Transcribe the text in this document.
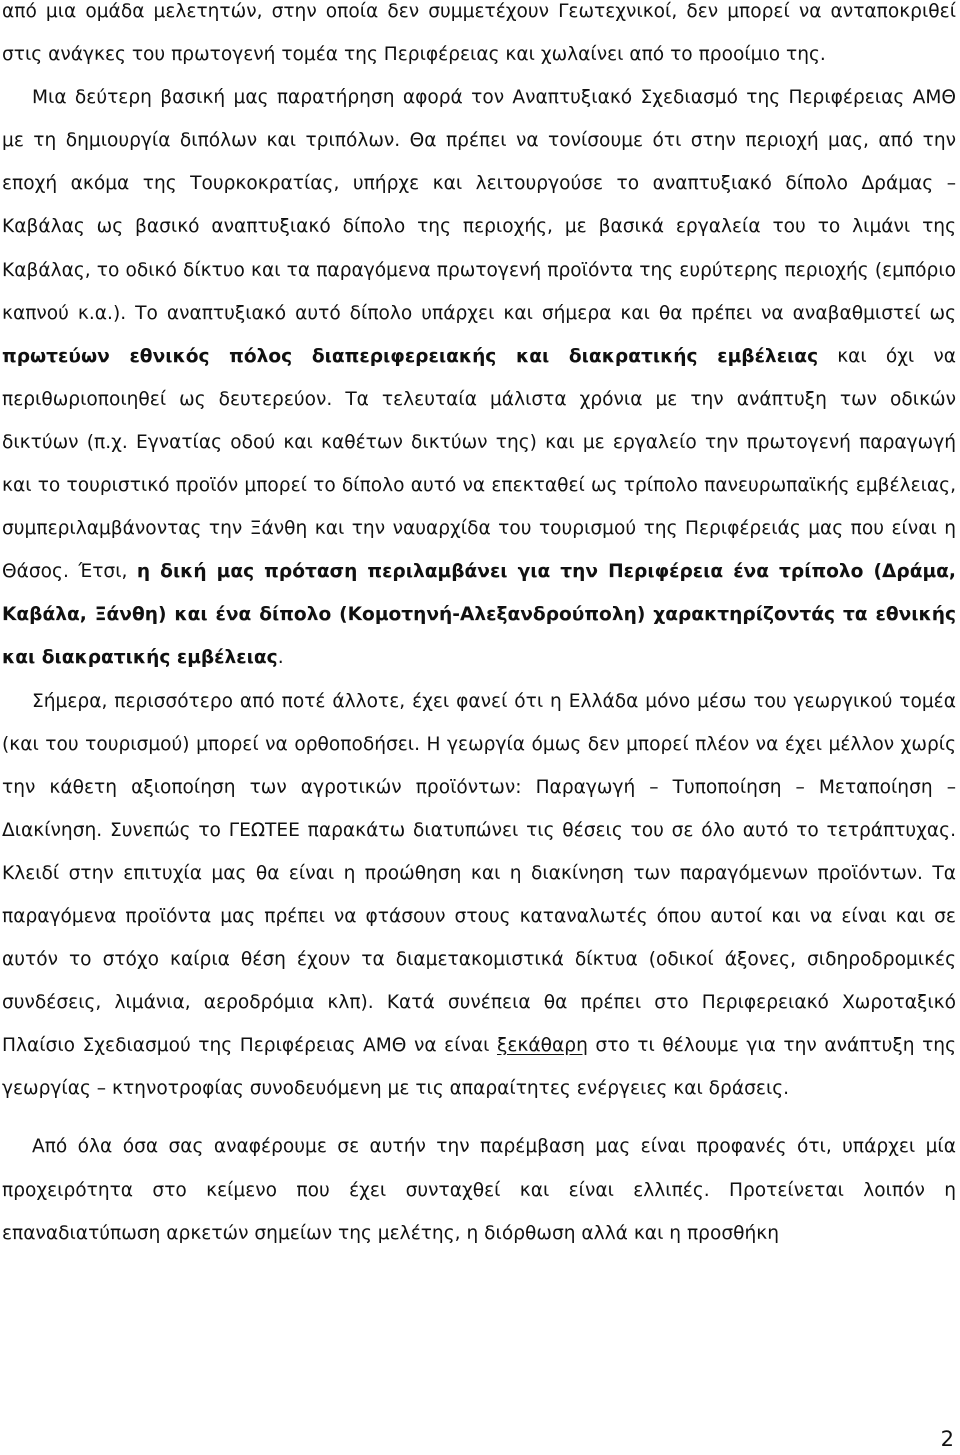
από μια ομάδα μελετητών, στην οποία δεν συμμετέχουν Γεωτεχνικοί, δεν μπορεί να ανταποκριθεί στις ανάγκες του πρωτογενή τομέα της Περιφέρειας και χωλαίνει από το προοίμιο της.

Μια δεύτερη βασική μας παρατήρηση αφορά τον Αναπτυξιακό Σχεδιασμό της Περιφέρειας ΑΜΘ με τη δημιουργία διπόλων και τριπόλων. Θα πρέπει να τονίσουμε ότι στην περιοχή μας, από την εποχή ακόμα της Τουρκοκρατίας, υπήρχε και λειτουργούσε το αναπτυξιακό δίπολο Δράμας – Καβάλας ως βασικό αναπτυξιακό δίπολο της περιοχής, με βασικά εργαλεία του το λιμάνι της Καβάλας, το οδικό δίκτυο και τα παραγόμενα πρωτογενή προϊόντα της ευρύτερης περιοχής (εμπόριο καπνού κ.α.). Το αναπτυξιακό αυτό δίπολο υπάρχει και σήμερα και θα πρέπει να αναβαθμιστεί ως πρωτεύων εθνικός πόλος διαπεριφερειακής και διακρατικής εμβέλειας και όχι να περιθωριοποιηθεί ως δευτερεύον. Τα τελευταία μάλιστα χρόνια με την ανάπτυξη των οδικών δικτύων (π.χ. Εγνατίας οδού και καθέτων δικτύων της) και με εργαλείο την πρωτογενή παραγωγή και το τουριστικό προϊόν μπορεί το δίπολο αυτό να επεκταθεί ως τρίπολο πανευρωπαϊκής εμβέλειας, συμπεριλαμβάνοντας την Ξάνθη και την ναυαρχίδα του τουρισμού της Περιφέρειάς μας που είναι η Θάσος. Έτσι, η δική μας πρόταση περιλαμβάνει για την Περιφέρεια ένα τρίπολο (Δράμα, Καβάλα, Ξάνθη) και ένα δίπολο (Κομοτηνή-Αλεξανδρούπολη) χαρακτηρίζοντάς τα εθνικής και διακρατικής εμβέλειας.

Σήμερα, περισσότερο από ποτέ άλλοτε, έχει φανεί ότι η Ελλάδα μόνο μέσω του γεωργικού τομέα (και του τουρισμού) μπορεί να ορθοποδήσει. Η γεωργία όμως δεν μπορεί πλέον να έχει μέλλον χωρίς την κάθετη αξιοποίηση των αγροτικών προϊόντων: Παραγωγή – Τυποποίηση – Μεταποίηση – Διακίνηση. Συνεπώς το ΓΕΩΤΕΕ παρακάτω διατυπώνει τις θέσεις του σε όλο αυτό το τετράπτυχας. Κλειδί στην επιτυχία μας θα είναι η προώθηση και η διακίνηση των παραγόμενων προϊόντων. Τα παραγόμενα προϊόντα μας πρέπει να φτάσουν στους καταναλωτές όπου αυτοί και να είναι και σε αυτόν το στόχο καίρια θέση έχουν τα διαμετακομιστικά δίκτυα (οδικοί άξονες, σιδηροδρομικές συνδέσεις, λιμάνια, αεροδρόμια κλπ). Κατά συνέπεια θα πρέπει στο Περιφερειακό Χωροταξικό Πλαίσιο Σχεδιασμού της Περιφέρειας ΑΜΘ να είναι ξεκάθαρη στο τι θέλουμε για την ανάπτυξη της γεωργίας – κτηνοτροφίας συνοδευόμενη με τις απαραίτητες ενέργειες και δράσεις.

Από όλα όσα σας αναφέρουμε σε αυτήν την παρέμβαση μας είναι προφανές ότι, υπάρχει μία προχειρότητα στο κείμενο που έχει συνταχθεί και είναι ελλιπές. Προτείνεται λοιπόν η επαναδιατύπωση αρκετών σημείων της μελέτης, η διόρθωση αλλά και η προσθήκη

2
